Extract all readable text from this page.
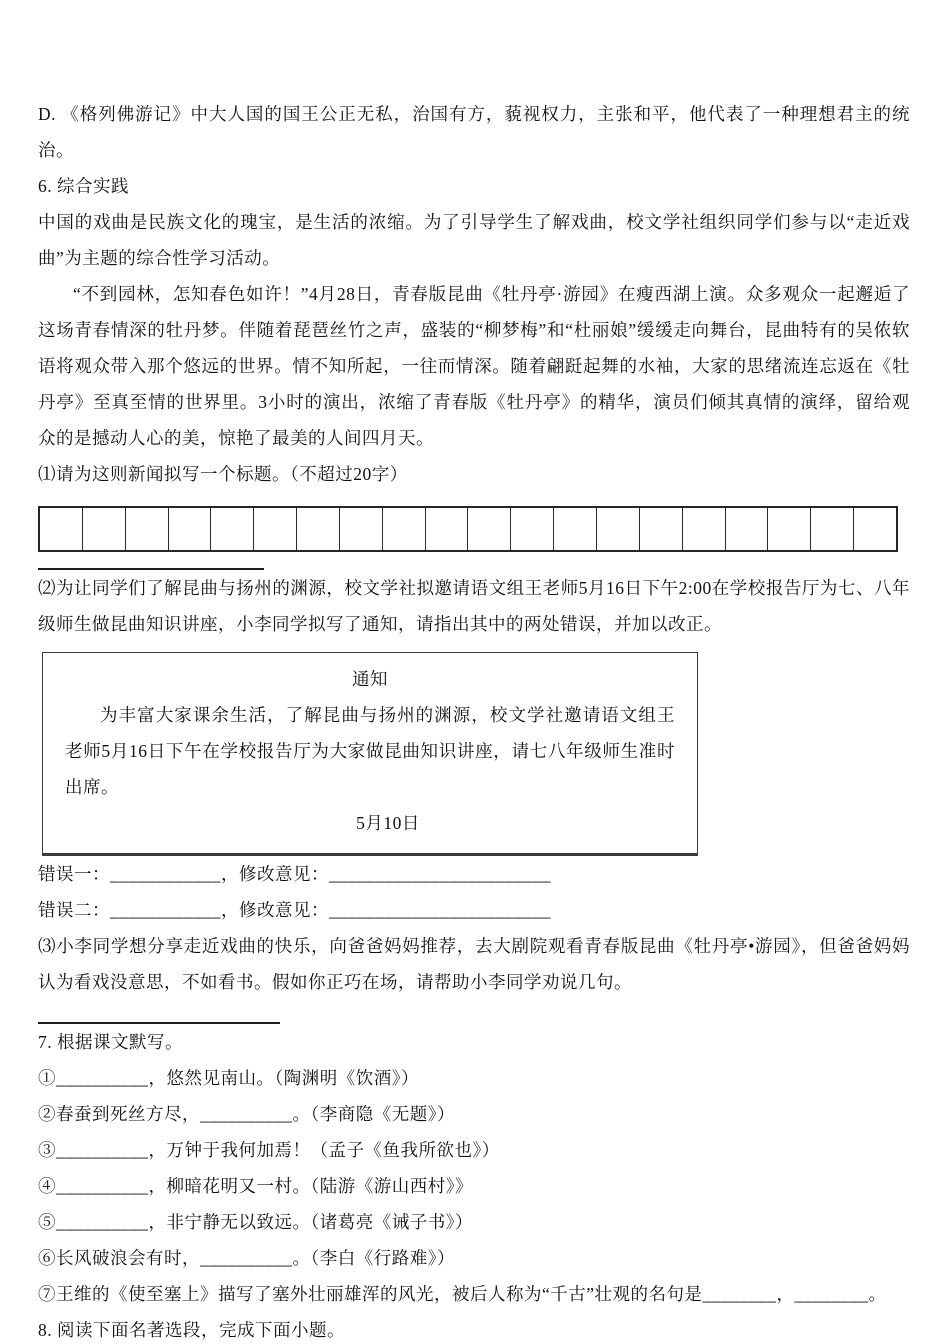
D. 《格列佛游记》中大人国的国王公正无私，治国有方，藐视权力，主张和平，他代表了一种理想君主的统治。

6. 综合实践

中国的戏曲是民族文化的瑰宝，是生活的浓缩。为了引导学生了解戏曲，校文学社组织同学们参与以“走近戏曲”为主题的综合性学习活动。

“不到园林，怎知春色如许！”4月28日，青春版昆曲《牡丹亭·游园》在瘦西湖上演。众多观众一起邂逅了这场青春情深的牡丹梦。伴随着琵琶丝竹之声，盛装的“柳梦梅”和“杜丽娘”缓缓走向舞台，昆曲特有的吴侬软语将观众带入那个悠远的世界。情不知所起，一往而情深。随着翩跹起舞的水袖，大家的思绪流连忘返在《牡丹亭》至真至情的世界里。3小时的演出，浓缩了青春版《牡丹亭》的精华，演员们倾其真情的演绎，留给观众的是撼动人心的美，惊艳了最美的人间四月天。

⑴请为这则新闻拟写一个标题。（不超过20字）

⑵为让同学们了解昆曲与扬州的渊源，校文学社拟邀请语文组王老师5月16日下午2:00在学校报告厅为七、八年级师生做昆曲知识讲座，小李同学拟写了通知，请指出其中的两处错误，并加以改正。

通知

为丰富大家课余生活，了解昆曲与扬州的渊源，校文学社邀请语文组王老师5月16日下午在学校报告厅为大家做昆曲知识讲座，请七八年级师生准时出席。

5月10日

错误一：____________，修改意见：________________________

错误二：____________，修改意见：________________________

⑶小李同学想分享走近戏曲的快乐，向爸爸妈妈推荐，去大剧院观看青春版昆曲《牡丹亭•游园》，但爸爸妈妈认为看戏没意思，不如看书。假如你正巧在场，请帮助小李同学劝说几句。

7. 根据课文默写。

①__________，悠然见南山。（陶渊明《饮酒》）

②春蚕到死丝方尽，__________。（李商隐《无题》）

③__________，万钟于我何加焉！（孟子《鱼我所欲也》）

④__________，柳暗花明又一村。（陆游《游山西村》》

⑤__________，非宁静无以致远。（诸葛亮《诫子书》）

⑥长风破浪会有时，__________。（李白《行路难》）

⑦王维的《使至塞上》描写了塞外壮丽雄浑的风光，被后人称为“千古”壮观的名句是________，________。

8. 阅读下面名著选段，完成下面小题。
